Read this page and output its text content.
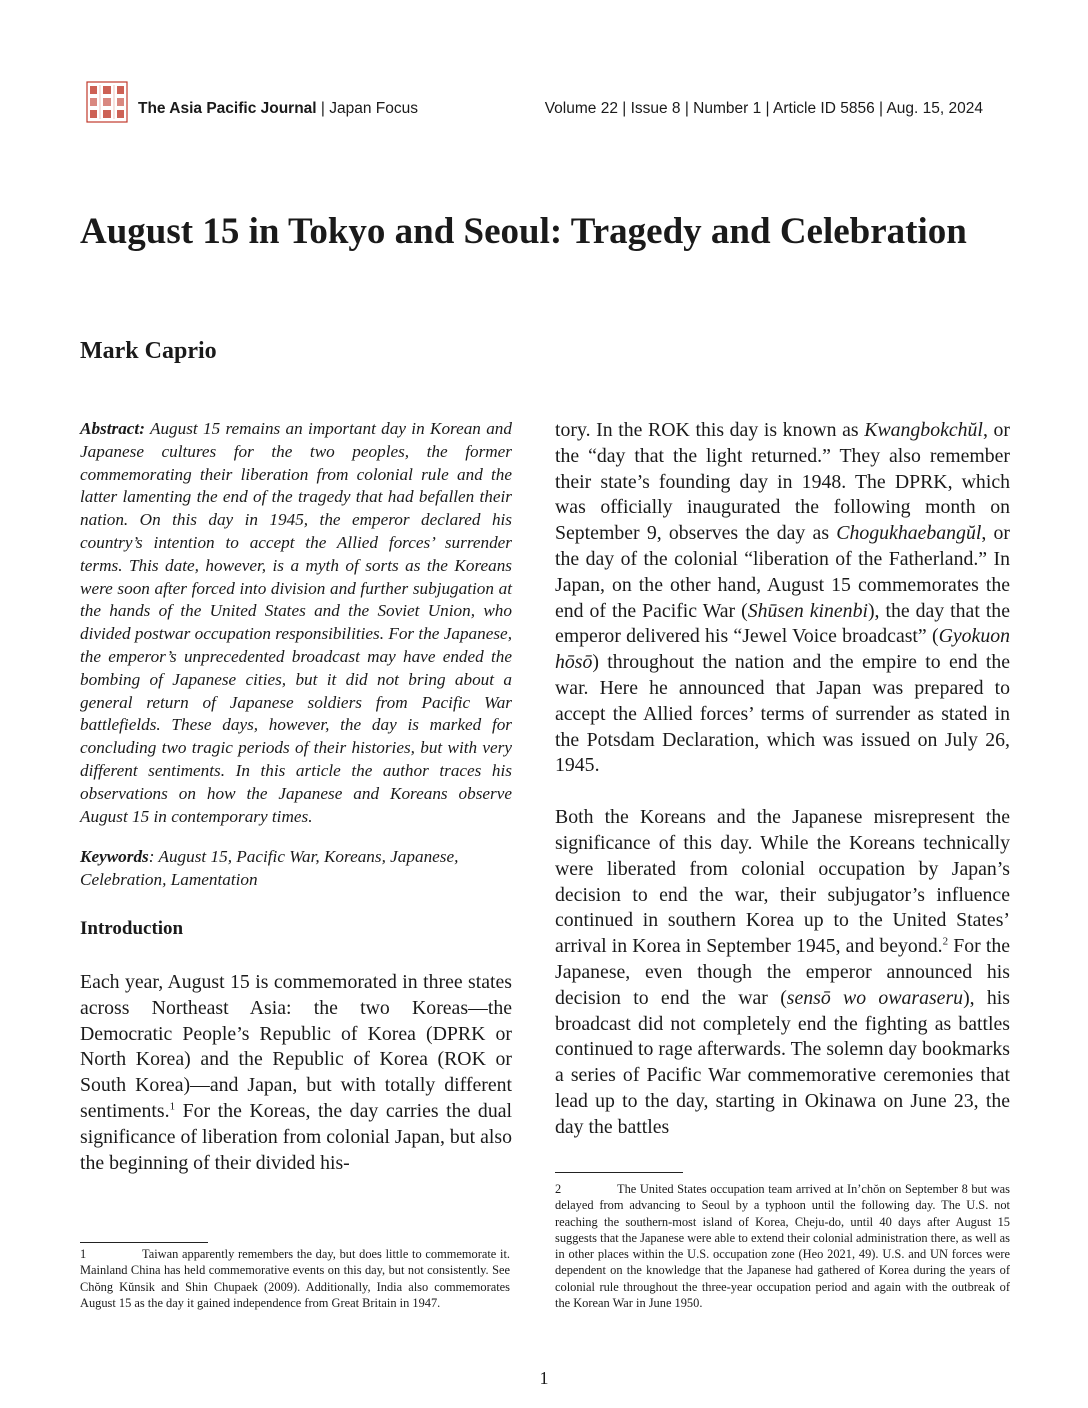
The Asia Pacific Journal | Japan Focus	Volume 22 | Issue 8 | Number 1 | Article ID 5856 | Aug. 15, 2024
August 15 in Tokyo and Seoul: Tragedy and Celebration
Mark Caprio

Abstract: August 15 remains an important day in Korean and Japanese cultures for the two peoples, the former commemorating their liberation from colonial rule and the latter lamenting the end of the tragedy that had befallen their nation. On this day in 1945, the emperor declared his country’s intention to accept the Allied forces’ surrender terms. This date, however, is a myth of sorts as the Koreans were soon after forced into division and further subjugation at the hands of the United States and the Soviet Union, who divided postwar occupation responsibilities. For the Japanese, the emperor’s unprecedented broadcast may have ended the bombing of Japanese cities, but it did not bring about a general return of Japanese soldiers from Pacific War battlefields. These days, however, the day is marked for concluding two tragic periods of their histories, but with very different sentiments. In this article the author traces his observations on how the Japanese and Koreans observe August 15 in contemporary times.

Keywords: August 15, Pacific War, Koreans, Japanese, Celebration, Lamentation

Introduction

Each year, August 15 is commemorated in three states across Northeast Asia: the two Koreas—the Democratic People’s Republic of Korea (DPRK or North Korea) and the Republic of Korea (ROK or South Korea)—and Japan, but with totally different sentiments.$^1$ For the Koreas, the day carries the dual significance of liberation from colonial Japan, but also the beginning of their divided his-

tory. In the ROK this day is known as Kwangbokchŭl, or the “day that the light returned.” They also remember their state’s founding day in 1948. The DPRK, which was officially inaugurated the following month on September 9, observes the day as Chogukhaebangŭl, or the day of the colonial “liberation of the Fatherland.” In Japan, on the other hand, August 15 commemorates the end of the Pacific War (Shūsen kinenbi), the day that the emperor delivered his “Jewel Voice broadcast” (Gyokuon hōsō) throughout the nation and the empire to end the war. Here he announced that Japan was prepared to accept the Allied forces’ terms of surrender as stated in the Potsdam Declaration, which was issued on July 26, 1945.

Both the Koreans and the Japanese misrepresent the significance of this day. While the Koreans technically were liberated from colonial occupation by Japan’s decision to end the war, their subjugator’s influence continued in southern Korea up to the United States’ arrival in Korea in September 1945, and beyond.$^2$ For the Japanese, even though the emperor announced his decision to end the war (sensō wo owaraseru), his broadcast did not completely end the fighting as battles continued to rage afterwards. The solemn day bookmarks a series of Pacific War commemorative ceremonies that lead up to the day, starting in Okinawa on June 23, the day the battles

1	Taiwan apparently remembers the day, but does little to commemorate it. Mainland China has held commemorative events on this day, but not consistently. See Chŏng Kŭnsik and Shin Chupaek (2009). Additionally, India also commemorates August 15 as the day it gained independence from Great Britain in 1947.

2	The United States occupation team arrived at In’chŏn on September 8 but was delayed from advancing to Seoul by a typhoon until the following day. The U.S. not reaching the southern-most island of Korea, Cheju-do, until 40 days after August 15 suggests that the Japanese were able to extend their colonial administration there, as well as in other places within the U.S. occupation zone (Heo 2021, 49). U.S. and UN forces were dependent on the knowledge that the Japanese had gathered of Korea during the years of colonial rule throughout the three-year occupation period and again with the outbreak of the Korean War in June 1950.

1
